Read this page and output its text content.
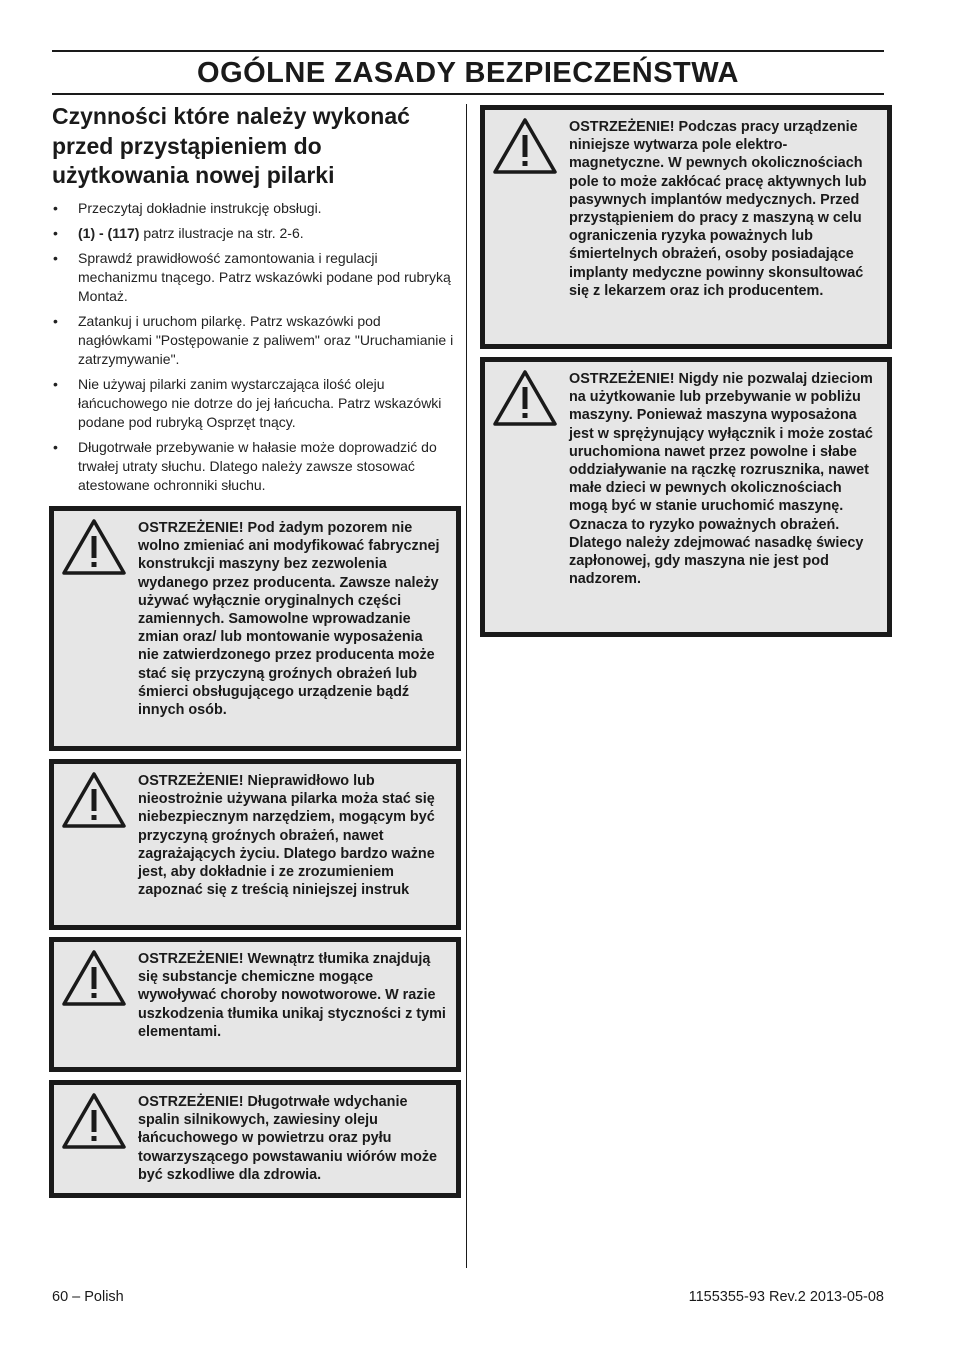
OGÓLNE ZASADY BEZPIECZEŃSTWA
Czynności które należy wykonać przed przystąpieniem do użytkowania nowej pilarki
• Przeczytaj dokładnie instrukcję obsługi.
• (1) - (117) patrz ilustracje na str. 2-6.
• Sprawdź prawidłowość zamontowania i regulacji mechanizmu tnącego. Patrz wskazówki podane pod rubryką Montaż.
• Zatankuj i uruchom pilarkę. Patrz wskazówki pod nagłówkami "Postępowanie z paliwem" oraz "Uruchamianie i zatrzymywanie".
• Nie używaj pilarki zanim wystarczająca ilość oleju łańcuchowego nie dotrze do jej łańcucha. Patrz wskazówki podane pod rubryką Osprzęt tnący.
• Długotrwałe przebywanie w hałasie może doprowadzić do trwałej utraty słuchu. Dlatego należy zawsze stosować atestowane ochronniki słuchu.
OSTRZEŻENIE! Pod żadym pozorem nie wolno zmieniać ani modyfikować fabrycznej konstrukcji maszyny bez zezwolenia wydanego przez producenta. Zawsze należy używać wyłącznie oryginalnych części zamiennych. Samowolne wprowadzanie zmian oraz/ lub montowanie wyposażenia nie zatwierdzonego przez producenta może stać się przyczyną groźnych obrażeń lub śmierci obsługującego urządzenie bądź innych osób.
OSTRZEŻENIE! Nieprawidłowo lub nieostrożnie używana pilarka moża stać się niebezpiecznym narzędziem, mogącym być przyczyną groźnych obrażeń, nawet zagrażających życiu. Dlatego bardzo ważne jest, aby dokładnie i ze zrozumieniem zapoznać się z treścią niniejszej instruk
OSTRZEŻENIE! Wewnątrz tłumika znajdują się substancje chemiczne mogące wywoływać choroby nowotworowe. W razie uszkodzenia tłumika unikaj styczności z tymi elementami.
OSTRZEŻENIE! Długotrwałe wdychanie spalin silnikowych, zawiesiny oleju łańcuchowego w powietrzu oraz pyłu towarzyszącego powstawaniu wiórów może być szkodliwe dla zdrowia.
OSTRZEŻENIE! Podczas pracy urządzenie niniejsze wytwarza pole elektro-magnetyczne. W pewnych okolicznościach pole to może zakłócać pracę aktywnych lub pasywnych implantów medycznych. Przed przystąpieniem do pracy z maszyną w celu ograniczenia ryzyka poważnych lub śmiertelnych obrażeń, osoby posiadające implanty medyczne powinny skonsultować się z lekarzem oraz ich producentem.
OSTRZEŻENIE! Nigdy nie pozwalaj dzieciom na użytkowanie lub przebywanie w pobliżu maszyny. Ponieważ maszyna wyposażona jest w sprężynujący wyłącznik i może zostać uruchomiona nawet przez powolne i słabe oddziaływanie na rączkę rozrusznika, nawet małe dzieci w pewnych okolicznościach mogą być w stanie uruchomić maszynę. Oznacza to ryzyko poważnych obrażeń. Dlatego należy zdejmować nasadkę świecy zapłonowej, gdy maszyna nie jest pod nadzorem.
60 – Polish	1155355-93 Rev.2 2013-05-08
